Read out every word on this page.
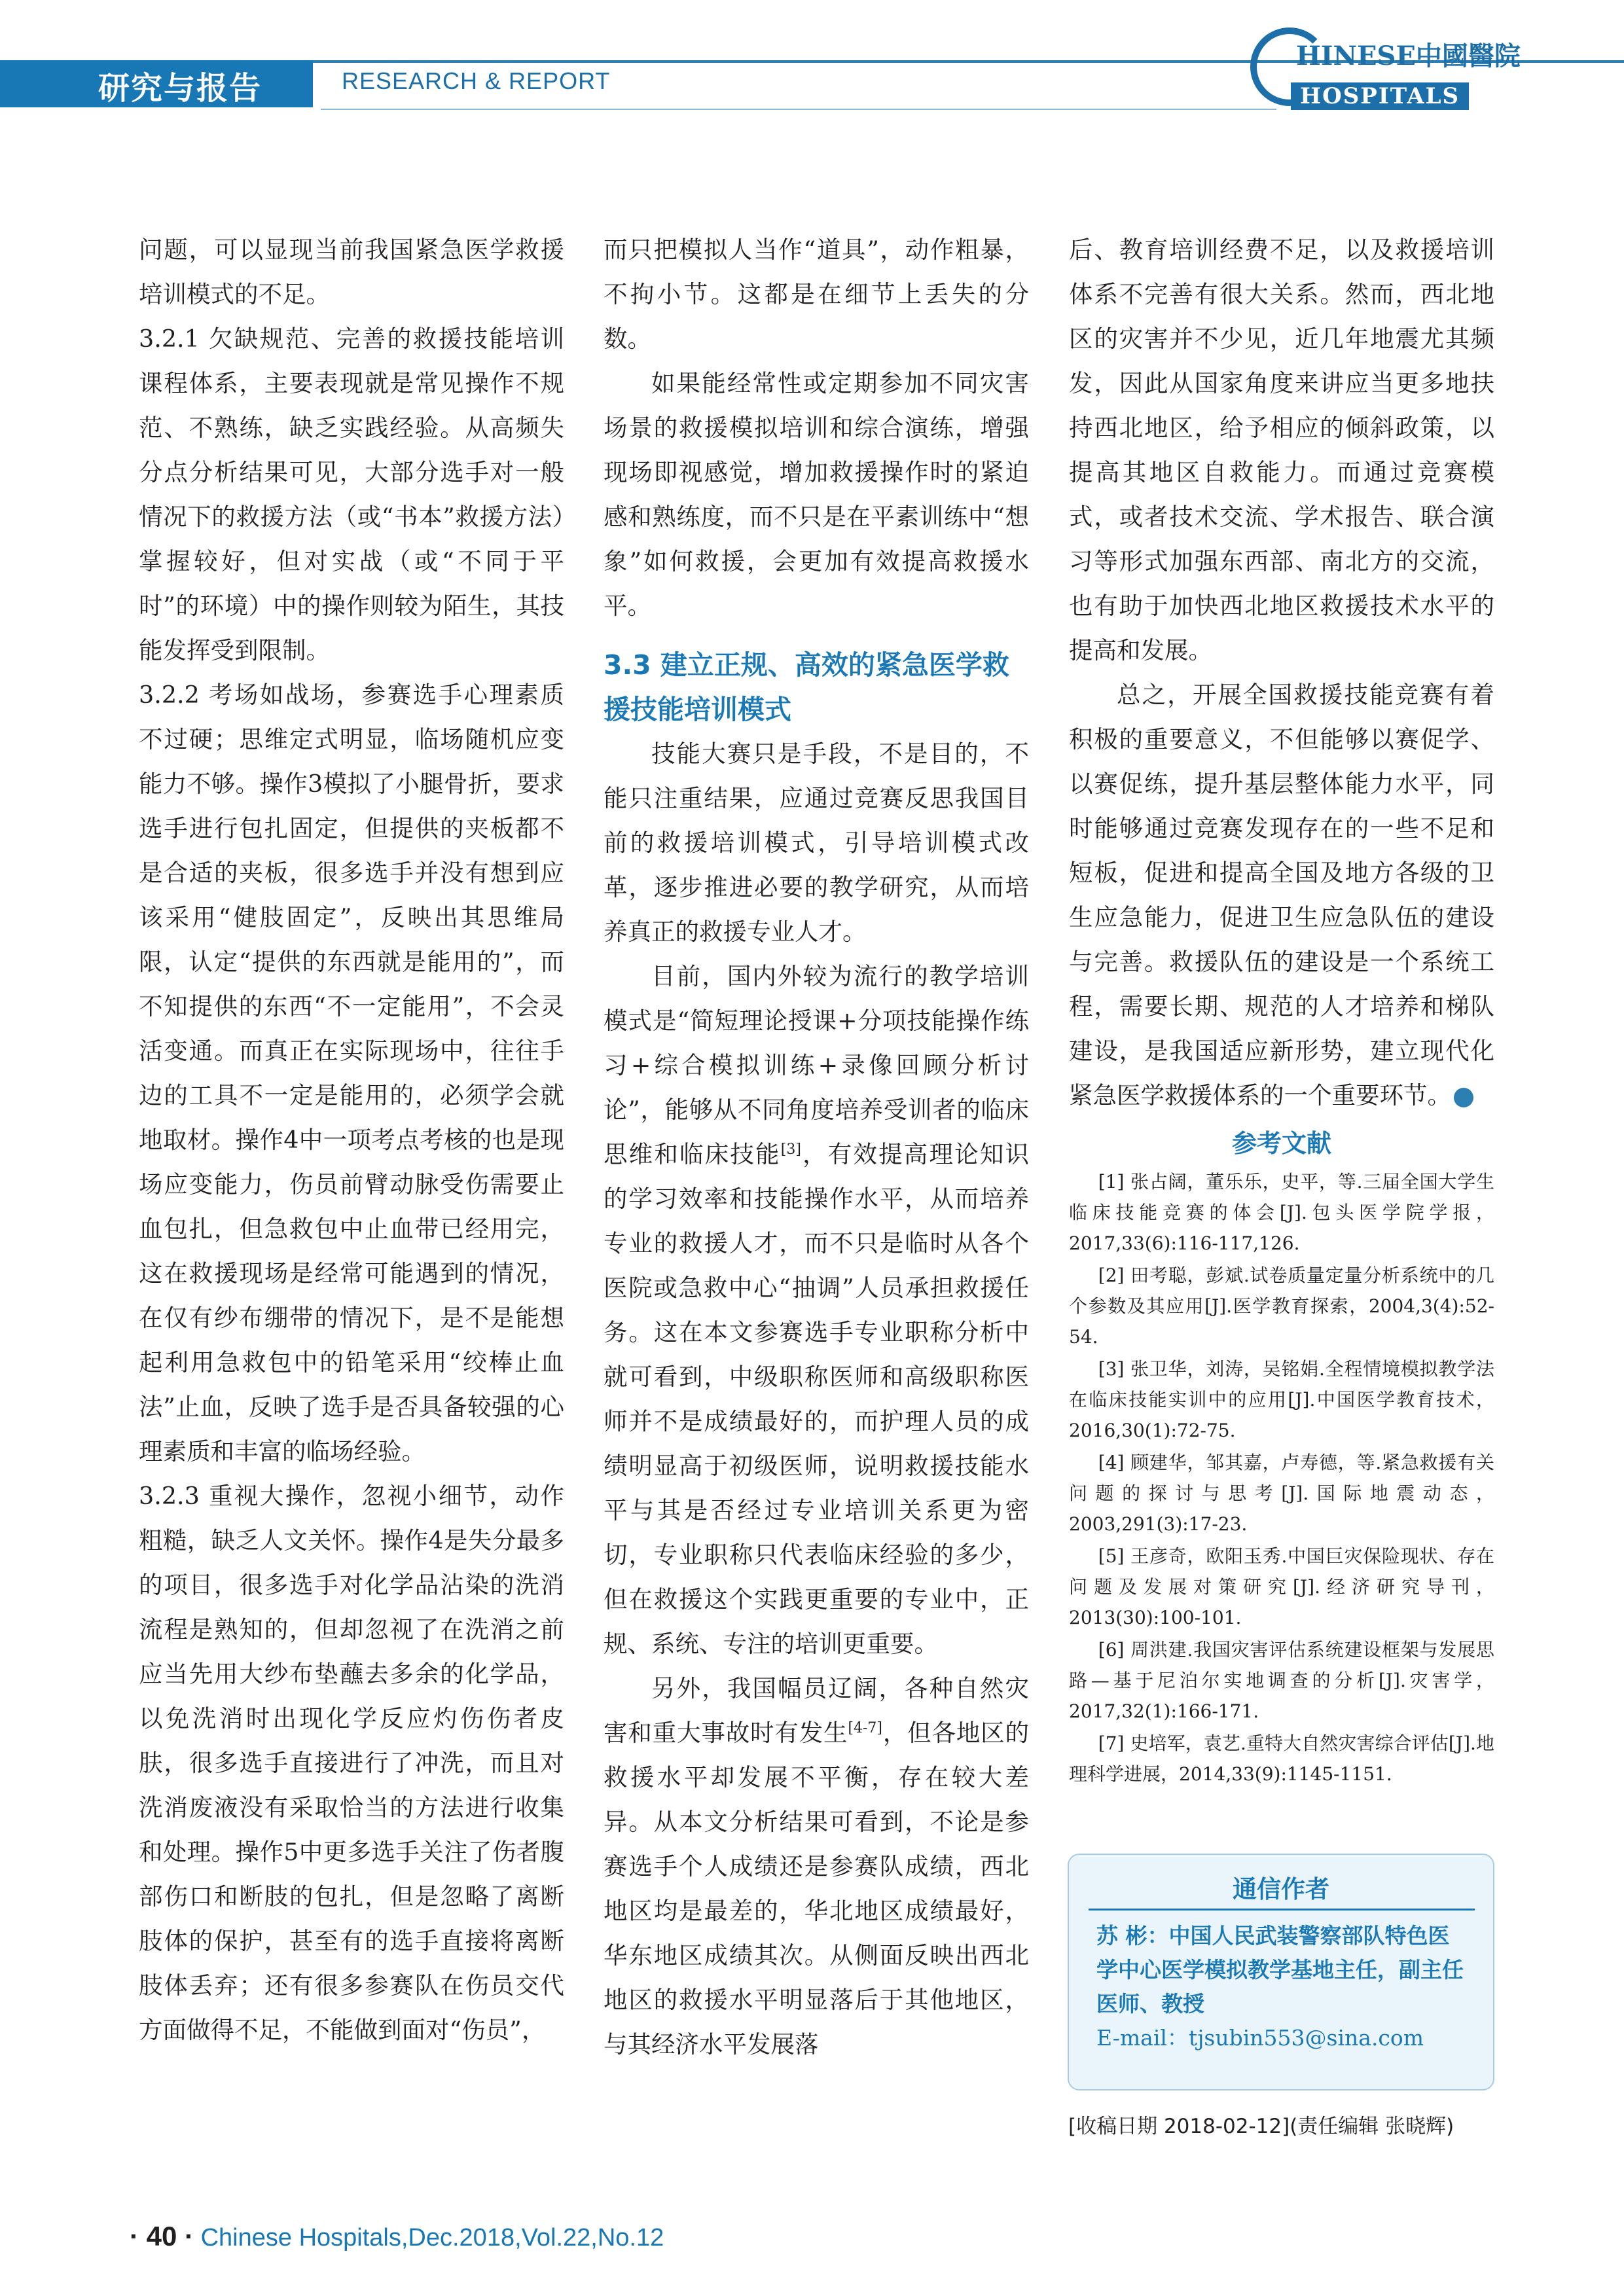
研究与报告	RESEARCH & REPORT
HINESE中國醫院
HOSPITALS

问题，可以显现当前我国紧急医学救援培训模式的不足。

3.2.1 欠缺规范、完善的救援技能培训课程体系，主要表现就是常见操作不规范、不熟练，缺乏实践经验。从高频失分点分析结果可见，大部分选手对一般情况下的救援方法（或“书本”救援方法）掌握较好，但对实战（或“不同于平时”的环境）中的操作则较为陌生，其技能发挥受到限制。

3.2.2 考场如战场，参赛选手心理素质不过硬；思维定式明显，临场随机应变能力不够。操作3模拟了小腿骨折，要求选手进行包扎固定，但提供的夹板都不是合适的夹板，很多选手并没有想到应该采用“健肢固定”，反映出其思维局限，认定“提供的东西就是能用的”，而不知提供的东西“不一定能用”，不会灵活变通。而真正在实际现场中，往往手边的工具不一定是能用的，必须学会就地取材。操作4中一项考点考核的也是现场应变能力，伤员前臂动脉受伤需要止血包扎，但急救包中止血带已经用完，这在救援现场是经常可能遇到的情况，在仅有纱布绷带的情况下，是不是能想起利用急救包中的铅笔采用“绞棒止血法”止血，反映了选手是否具备较强的心理素质和丰富的临场经验。

3.2.3 重视大操作，忽视小细节，动作粗糙，缺乏人文关怀。操作4是失分最多的项目，很多选手对化学品沾染的洗消流程是熟知的，但却忽视了在洗消之前应当先用大纱布垫蘸去多余的化学品，以免洗消时出现化学反应灼伤伤者皮肤，很多选手直接进行了冲洗，而且对洗消废液没有采取恰当的方法进行收集和处理。操作5中更多选手关注了伤者腹部伤口和断肢的包扎，但是忽略了离断肢体的保护，甚至有的选手直接将离断肢体丢弃；还有很多参赛队在伤员交代方面做得不足，不能做到面对“伤员”，

而只把模拟人当作“道具”，动作粗暴，不拘小节。这都是在细节上丢失的分数。

如果能经常性或定期参加不同灾害场景的救援模拟培训和综合演练，增强现场即视感觉，增加救援操作时的紧迫感和熟练度，而不只是在平素训练中“想象”如何救援，会更加有效提高救援水平。

3.3 建立正规、高效的紧急医学救援技能培训模式

技能大赛只是手段，不是目的，不能只注重结果，应通过竞赛反思我国目前的救援培训模式，引导培训模式改革，逐步推进必要的教学研究，从而培养真正的救援专业人才。

目前，国内外较为流行的教学培训模式是“简短理论授课+分项技能操作练习+综合模拟训练+录像回顾分析讨论”，能够从不同角度培养受训者的临床思维和临床技能[3]，有效提高理论知识的学习效率和技能操作水平，从而培养专业的救援人才，而不只是临时从各个医院或急救中心“抽调”人员承担救援任务。这在本文参赛选手专业职称分析中就可看到，中级职称医师和高级职称医师并不是成绩最好的，而护理人员的成绩明显高于初级医师，说明救援技能水平与其是否经过专业培训关系更为密切，专业职称只代表临床经验的多少，但在救援这个实践更重要的专业中，正规、系统、专注的培训更重要。

另外，我国幅员辽阔，各种自然灾害和重大事故时有发生[4-7]，但各地区的救援水平却发展不平衡，存在较大差异。从本文分析结果可看到，不论是参赛选手个人成绩还是参赛队成绩，西北地区均是最差的，华北地区成绩最好，华东地区成绩其次。从侧面反映出西北地区的救援水平明显落后于其他地区，与其经济水平发展落

后、教育培训经费不足，以及救援培训体系不完善有很大关系。然而，西北地区的灾害并不少见，近几年地震尤其频发，因此从国家角度来讲应当更多地扶持西北地区，给予相应的倾斜政策，以提高其地区自救能力。而通过竞赛模式，或者技术交流、学术报告、联合演习等形式加强东西部、南北方的交流，也有助于加快西北地区救援技术水平的提高和发展。

总之，开展全国救援技能竞赛有着积极的重要意义，不但能够以赛促学、以赛促练，提升基层整体能力水平，同时能够通过竞赛发现存在的一些不足和短板，促进和提高全国及地方各级的卫生应急能力，促进卫生应急队伍的建设与完善。救援队伍的建设是一个系统工程，需要长期、规范的人才培养和梯队建设，是我国适应新形势，建立现代化紧急医学救援体系的一个重要环节。	终

参考文献
[1] 张占阔，董乐乐，史平，等.三届全国大学生临床技能竞赛的体会[J].包头医学院学报，2017,33(6):116-117,126.
[2] 田考聪，彭斌.试卷质量定量分析系统中的几个参数及其应用[J].医学教育探索，2004,3(4):52-54.
[3] 张卫华，刘涛，吴铭娟.全程情境模拟教学法在临床技能实训中的应用[J].中国医学教育技术，2016,30(1):72-75.
[4] 顾建华，邹其嘉，卢寿德，等.紧急救援有关问题的探讨与思考[J].国际地震动态，2003,291(3):17-23.
[5] 王彦奇，欧阳玉秀.中国巨灾保险现状、存在问题及发展对策研究[J].经济研究导刊，2013(30):100-101.
[6] 周洪建.我国灾害评估系统建设框架与发展思路—基于尼泊尔实地调查的分析[J].灾害学，2017,32(1):166-171.
[7] 史培军，袁艺.重特大自然灾害综合评估[J].地理科学进展，2014,33(9):1145-1151.
通信作者
苏 彬：中国人民武装警察部队特色医学中心医学模拟教学基地主任，副主任医师、教授
E-mail：tjsubin553@sina.com
[收稿日期 2018-02-12](责任编辑 张晓辉)
· 40 · Chinese Hospitals,Dec.2018,Vol.22,No.12
